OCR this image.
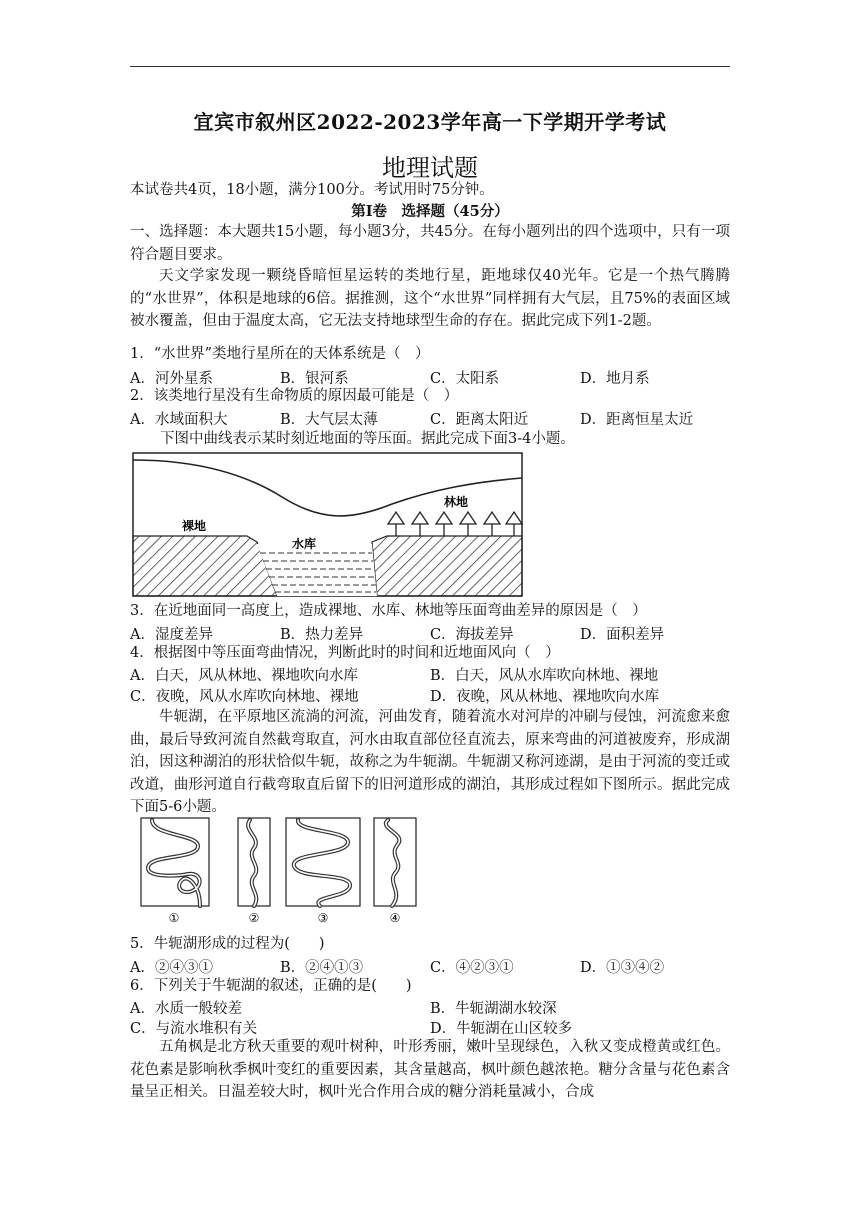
宜宾市叙州区2022-2023学年高一下学期开学考试
地理试题
本试卷共4页，18小题，满分100分。考试用时75分钟。
第I卷　选择题（45分）
一、选择题：本大题共15小题，每小题3分，共45分。在每小题列出的四个选项中，只有一项符合题目要求。
天文学家发现一颗绕昏暗恒星运转的类地行星，距地球仅40光年。它是一个热气腾腾的“水世界”，体积是地球的6倍。据推测，这个“水世界”同样拥有大气层，且75%的表面区域被水覆盖，但由于温度太高，它无法支持地球型生命的存在。据此完成下列1-2题。
1．“水世界”类地行星所在的天体系统是（　）
A．河外星系	B．银河系	C．太阳系	D．地月系
2．该类地行星没有生命物质的原因最可能是（　）
A．水域面积大	B．大气层太薄	C．距离太阳近	D．距离恒星太近
下图中曲线表示某时刻近地面的等压面。据此完成下面3-4小题。
裸地
水库
林地
3．在近地面同一高度上，造成裸地、水库、林地等压面弯曲差异的原因是（　）
A．湿度差异	B．热力差异	C．海拔差异	D．面积差异
4．根据图中等压面弯曲情况，判断此时的时间和近地面风向（　）
A．白天，风从林地、裸地吹向水库	B．白天，风从水库吹向林地、裸地
C．夜晚，风从水库吹向林地、裸地	D．夜晚，风从林地、裸地吹向水库
牛轭湖，在平原地区流淌的河流，河曲发育，随着流水对河岸的冲刷与侵蚀，河流愈来愈曲，最后导致河流自然截弯取直，河水由取直部位径直流去，原来弯曲的河道被废弃，形成湖泊，因这种湖泊的形状恰似牛轭，故称之为牛轭湖。牛轭湖又称河迹湖，是由于河流的变迁或改道，曲形河道自行截弯取直后留下的旧河道形成的湖泊，其形成过程如下图所示。据此完成下面5-6小题。
①	②	③	④
5．牛轭湖形成的过程为(　　)
A．②④③①	B．②④①③	C．④②③①	D．①③④②
6．下列关于牛轭湖的叙述，正确的是(　　)
A．水质一般较差	B．牛轭湖湖水较深
C．与流水堆积有关	D．牛轭湖在山区较多
五角枫是北方秋天重要的观叶树种，叶形秀丽，嫩叶呈现绿色，入秋又变成橙黄或红色。花色素是影响秋季枫叶变红的重要因素，其含量越高，枫叶颜色越浓艳。糖分含量与花色素含量呈正相关。日温差较大时，枫叶光合作用合成的糖分消耗量减小，合成
